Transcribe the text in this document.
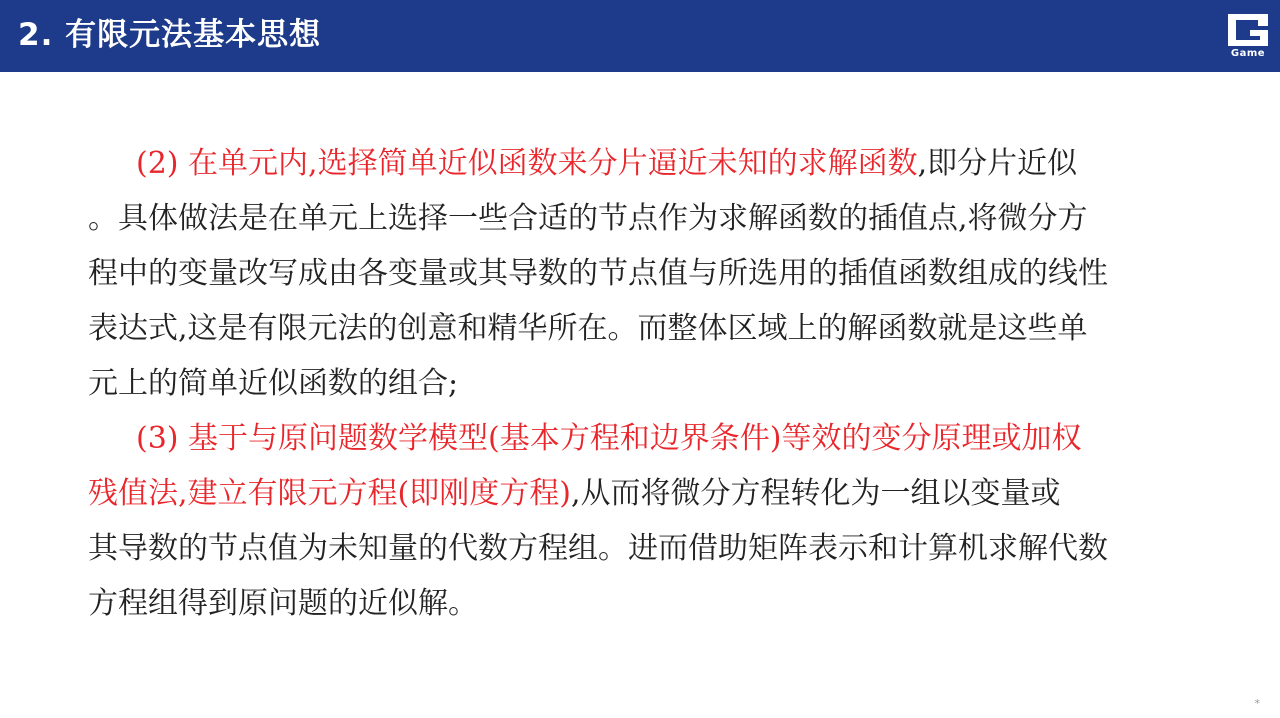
2. 有限元法基本思想
Game
(2) 在单元内,选择简单近似函数来分片逼近未知的求解函数,即分片近似
。具体做法是在单元上选择一些合适的节点作为求解函数的插值点,将微分方
程中的变量改写成由各变量或其导数的节点值与所选用的插值函数组成的线性
表达式,这是有限元法的创意和精华所在。而整体区域上的解函数就是这些单
元上的简单近似函数的组合;
(3) 基于与原问题数学模型(基本方程和边界条件)等效的变分原理或加权
残值法,建立有限元方程(即刚度方程),从而将微分方程转化为一组以变量或
其导数的节点值为未知量的代数方程组。进而借助矩阵表示和计算机求解代数
方程组得到原问题的近似解。
*
